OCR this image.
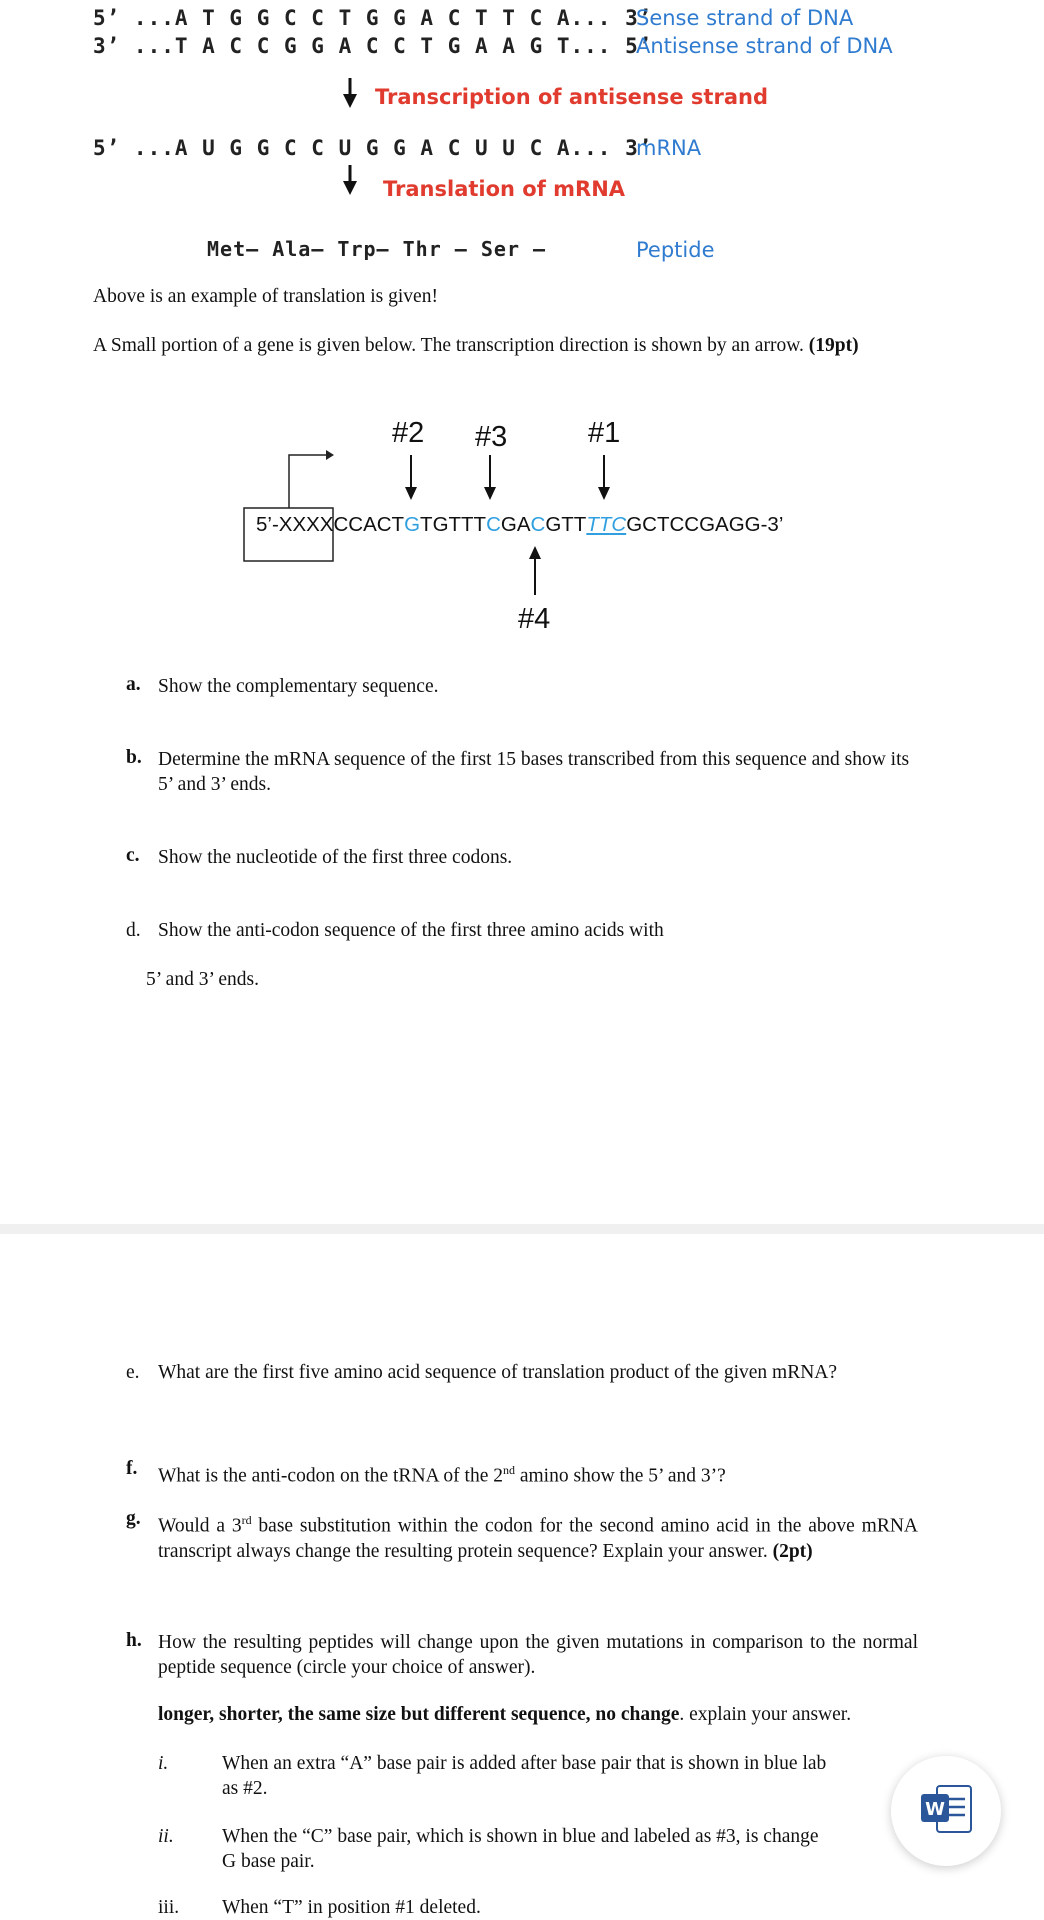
5’ ...A T G G C C T G G A C T T C A... 3’
Sense strand of DNA
3’ ...T A C C G G A C C T G A A G T... 5’
Antisense strand of DNA
Transcription of antisense strand
5’ ...A U G G C C U G G A C U U C A... 3’
mRNA
Translation of mRNA
Met— Ala— Trp— Thr — Ser —	Peptide
Above is an example of translation is given!
A Small portion of a gene is given below. The transcription direction is shown by an arrow. (19pt)
#2 #3	#1
5’-XXXXCCACTGTGTTTCGACGTTTTCGCTCCGAGG-3’
#4
a. Show the complementary sequence.
b. Determine the mRNA sequence of the first 15 bases transcribed from this sequence and show its 5’ and 3’ ends.
c. Show the nucleotide of the first three codons.
d. Show the anti-codon sequence of the first three amino acids with
5’ and 3’ ends.
e. What are the first five amino acid sequence of translation product of the given mRNA?
f. What is the anti-codon on the tRNA of the 2nd amino show the 5’ and 3’?
g. Would a 3rd base substitution within the codon for the second amino acid in the above mRNA transcript always change the resulting protein sequence? Explain your answer. (2pt)
h. How the resulting peptides will change upon the given mutations in comparison to the normal peptide sequence (circle your choice of answer).
longer, shorter, the same size but different sequence, no change. explain your answer.
i.	When an extra “A” base pair is added after base pair that is shown in blue lab
as #2.
ii. When the “C” base pair, which is shown in blue and labeled as #3, is change
G base pair.
iii. When “T” in position #1 deleted.
W
